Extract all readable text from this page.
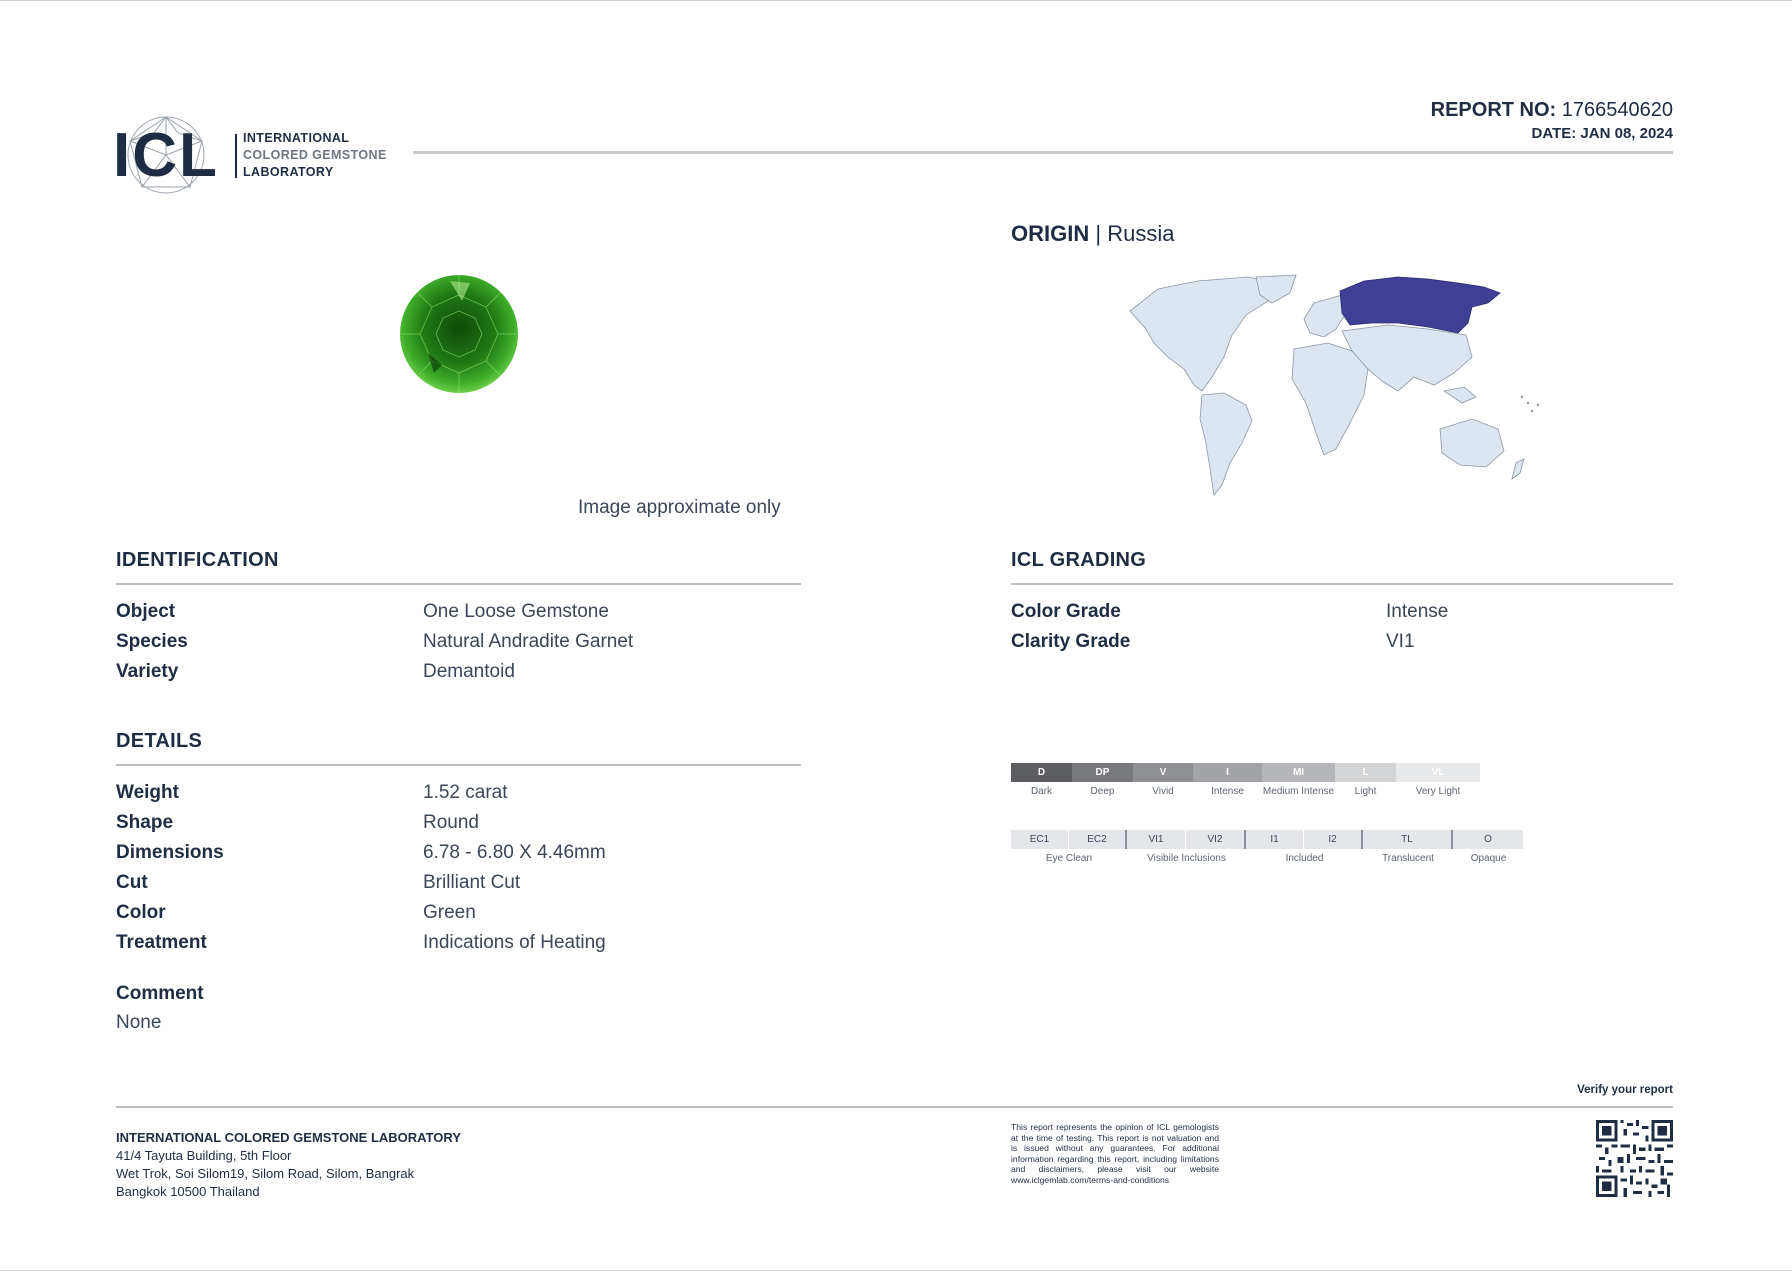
ICL INTERNATIONAL
COLORED GEMSTONE
LABORATORY
REPORT NO: 1766540620
DATE: JAN 08, 2024
Image approximate only
ORIGIN | Russia
IDENTIFICATION
Object	One Loose Gemstone
Species	Natural Andradite Garnet
Variety	Demantoid
DETAILS
Weight	1.52 carat
Shape	Round
Dimensions	6.78 - 6.80 X 4.46mm
Cut	Brilliant Cut
Color	Green
Treatment	Indications of Heating
Comment
None
ICL GRADING
Color Grade	Intense
Clarity Grade	VI1
D	DP	V	I	MI	L	VL
Dark	Deep	Vivid	Intense	Medium Intense	Light	Very Light
EC1	EC2	VI1	VI2	I1	I2	TL	O
Eye Clean	Visibile Inclusions	Included	Translucent	Opaque
Verify your report
INTERNATIONAL COLORED GEMSTONE LABORATORY
41/4 Tayuta Building, 5th Floor
Wet Trok, Soi Silom19, Silom Road, Silom, Bangrak
Bangkok 10500 Thailand
This report represents the opinion of ICL gemologists at the time of testing. This report is not valuation and is issued without any guarantees. For additional information regarding this report, including limitations and disclaimers, please visit our website www.iclgemlab.com/terms-and-conditions
